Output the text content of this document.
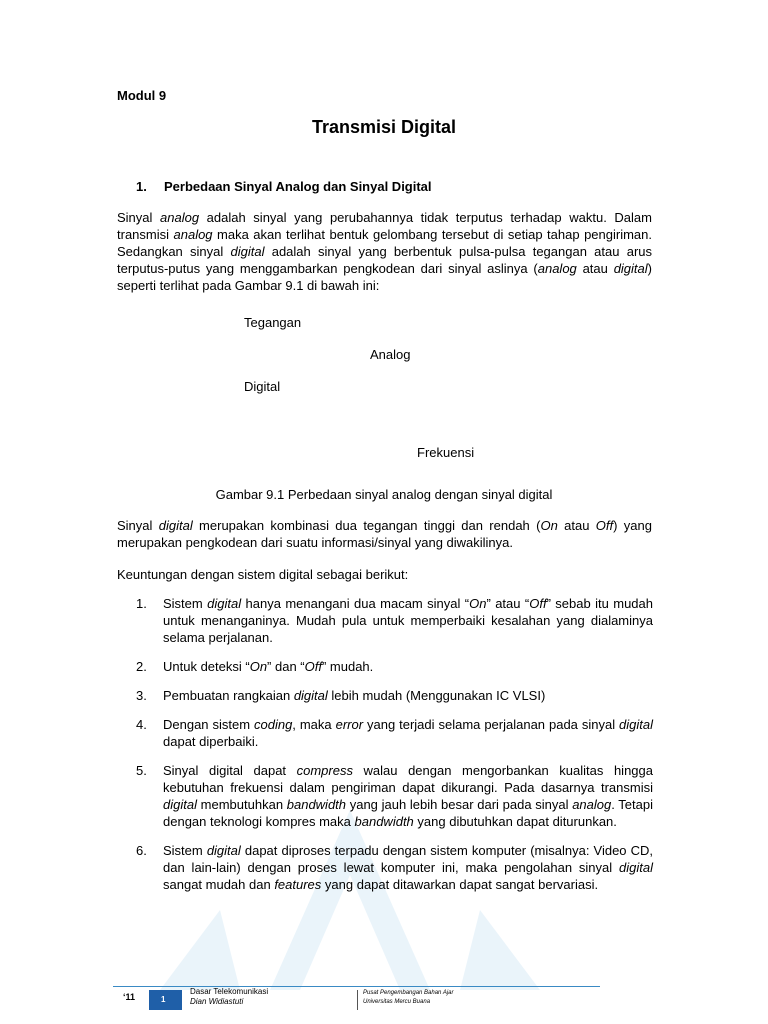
Modul 9
Transmisi Digital
1. Perbedaan Sinyal Analog dan Sinyal Digital
Sinyal analog adalah sinyal yang perubahannya tidak terputus terhadap waktu. Dalam transmisi analog maka akan terlihat bentuk gelombang tersebut di setiap tahap pengiriman. Sedangkan sinyal digital adalah sinyal yang berbentuk pulsa-pulsa tegangan atau arus terputus-putus yang menggambarkan pengkodean dari sinyal aslinya (analog atau digital) seperti terlihat pada Gambar 9.1 di bawah ini:
Tegangan
Analog
Digital
Frekuensi
Gambar 9.1 Perbedaan sinyal analog dengan sinyal digital
Sinyal digital merupakan kombinasi dua tegangan tinggi dan rendah (On atau Off) yang merupakan pengkodean dari suatu informasi/sinyal yang diwakilinya.
Keuntungan dengan sistem digital sebagai berikut:
1. Sistem digital hanya menangani dua macam sinyal “On” atau “Off” sebab itu mudah untuk menanganinya. Mudah pula untuk memperbaiki kesalahan yang dialaminya selama perjalanan.
2. Untuk deteksi “On” dan “Off” mudah.
3. Pembuatan rangkaian digital lebih mudah (Menggunakan IC VLSI)
4. Dengan sistem coding, maka error yang terjadi selama perjalanan pada sinyal digital dapat diperbaiki.
5. Sinyal digital dapat compress walau dengan mengorbankan kualitas hingga kebutuhan frekuensi dalam pengiriman dapat dikurangi. Pada dasarnya transmisi digital membutuhkan bandwidth yang jauh lebih besar dari pada sinyal analog. Tetapi dengan teknologi kompres maka bandwidth yang dibutuhkan dapat diturunkan.
6. Sistem digital dapat diproses terpadu dengan sistem komputer (misalnya: Video CD, dan lain-lain) dengan proses lewat komputer ini, maka pengolahan sinyal digital sangat mudah dan features yang dapat ditawarkan dapat sangat bervariasi.
‘11	1
Dasar Telekomunikasi
Dian Widiastuti
Pusat Pengembangan Bahan Ajar
Universitas Mercu Buana
